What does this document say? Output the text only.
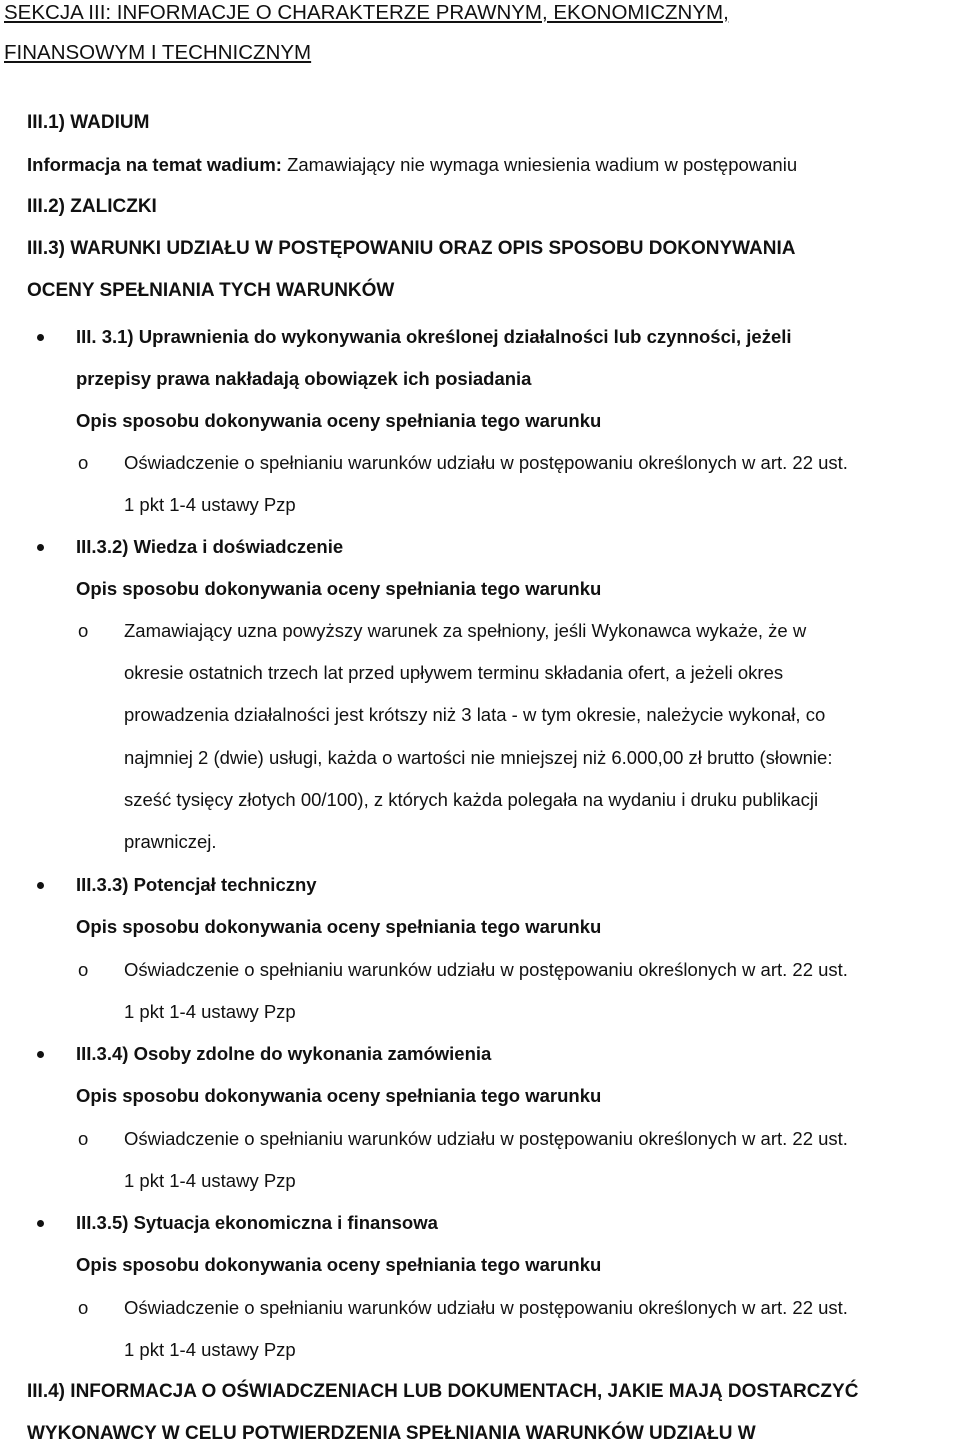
SEKCJA III: INFORMACJE O CHARAKTERZE PRAWNYM, EKONOMICZNYM,
FINANSOWYM I TECHNICZNYM
III.1) WADIUM
Informacja na temat wadium: Zamawiający nie wymaga wniesienia wadium w postępowaniu
III.2) ZALICZKI
III.3) WARUNKI UDZIAŁU W POSTĘPOWANIU ORAZ OPIS SPOSOBU DOKONYWANIA
OCENY SPEŁNIANIA TYCH WARUNKÓW
III. 3.1) Uprawnienia do wykonywania określonej działalności lub czynności, jeżeli
przepisy prawa nakładają obowiązek ich posiadania
Opis sposobu dokonywania oceny spełniania tego warunku
o Oświadczenie o spełnianiu warunków udziału w postępowaniu określonych w art. 22 ust.
1 pkt 1-4 ustawy Pzp
III.3.2) Wiedza i doświadczenie
Opis sposobu dokonywania oceny spełniania tego warunku
o Zamawiający uzna powyższy warunek za spełniony, jeśli Wykonawca wykaże, że w
okresie ostatnich trzech lat przed upływem terminu składania ofert, a jeżeli okres
prowadzenia działalności jest krótszy niż 3 lata - w tym okresie, należycie wykonał, co
najmniej 2 (dwie) usługi, każda o wartości nie mniejszej niż 6.000,00 zł brutto (słownie:
sześć tysięcy złotych 00/100), z których każda polegała na wydaniu i druku publikacji
prawniczej.
III.3.3) Potencjał techniczny
Opis sposobu dokonywania oceny spełniania tego warunku
o Oświadczenie o spełnianiu warunków udziału w postępowaniu określonych w art. 22 ust.
1 pkt 1-4 ustawy Pzp
III.3.4) Osoby zdolne do wykonania zamówienia
Opis sposobu dokonywania oceny spełniania tego warunku
o Oświadczenie o spełnianiu warunków udziału w postępowaniu określonych w art. 22 ust.
1 pkt 1-4 ustawy Pzp
III.3.5) Sytuacja ekonomiczna i finansowa
Opis sposobu dokonywania oceny spełniania tego warunku
o Oświadczenie o spełnianiu warunków udziału w postępowaniu określonych w art. 22 ust.
1 pkt 1-4 ustawy Pzp
III.4) INFORMACJA O OŚWIADCZENIACH LUB DOKUMENTACH, JAKIE MAJĄ DOSTARCZYĆ
WYKONAWCY W CELU POTWIERDZENIA SPEŁNIANIA WARUNKÓW UDZIAŁU W
